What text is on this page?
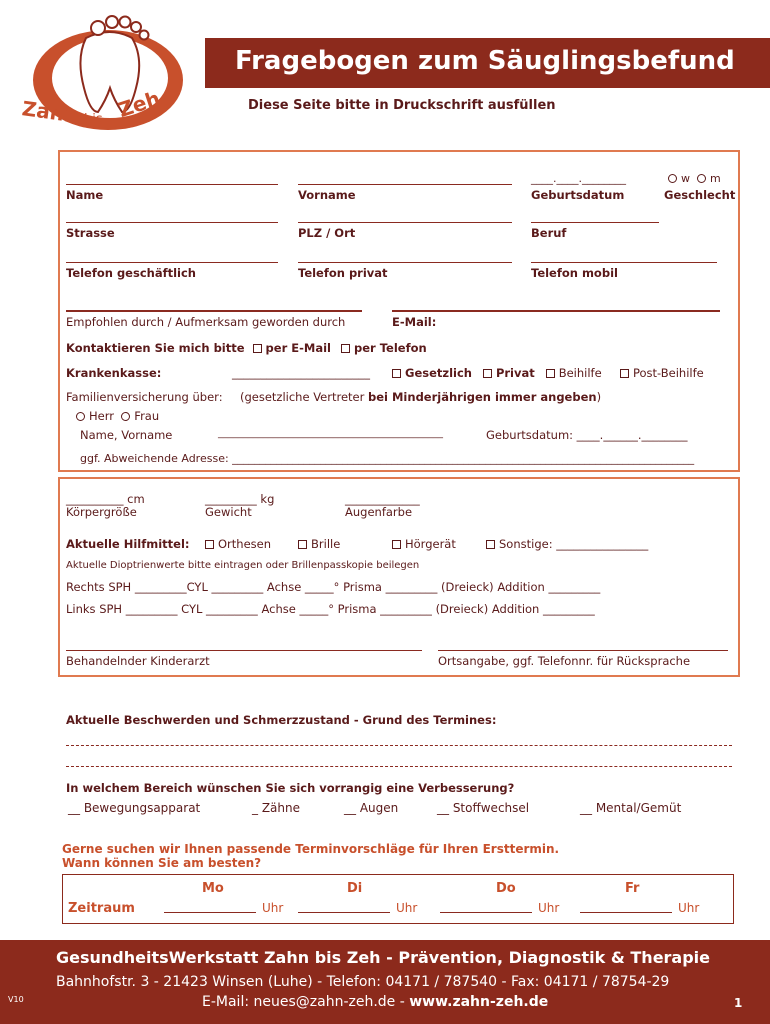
Zahn bis Zeh
Fragebogen zum Säuglingsbefund
Diese Seite bitte in Druckschrift ausfüllen
____.____.________	w m
Name	Vorname	Geburtsdatum	Geschlecht
Strasse	PLZ / Ort	Beruf
Telefon geschäftlich	Telefon privat	Telefon mobil
Empfohlen durch / Aufmerksam geworden durch	E-Mail:
Kontaktieren Sie mich bitte per E-Mail per Telefon
Krankenkasse:	________________________	Gesetzlich Privat Beihilfe	Post-Beihilfe
Familienversicherung über: (gesetzliche Vertreter bei Minderjährigen immer angeben)
Herr Frau
Name, Vorname	_____________________________________________	Geburtsdatum: ____.______.________
ggf. Abweichende Adresse: ____________________________________________________________________________________
__________ cm	_________ kg	_____________
Körpergröße	Gewicht	Augenfarbe
Aktuelle Hilfmittel:	Orthesen	Brille	Hörgerät	Sonstige: ________________
Aktuelle Dioptrienwerte bitte eintragen oder Brillenpasskopie beilegen
Rechts SPH _________CYL _________ Achse _____° Prisma _________ (Dreieck) Addition _________
Links SPH _________ CYL _________ Achse _____° Prisma _________ (Dreieck) Addition _________
Behandelnder Kinderarzt	Ortsangabe, ggf. Telefonnr. für Rücksprache
Aktuelle Beschwerden und Schmerzzustand - Grund des Termines:
In welchem Bereich wünschen Sie sich vorrangig eine Verbesserung?
__ Bewegungsapparat	_ Zähne	__ Augen	__ Stoffwechsel	__ Mental/Gemüt
Gerne suchen wir Ihnen passende Terminvorschläge für Ihren Ersttermin.
Wann können Sie am besten?
Mo	Di	Do	Fr
Zeitraum	Uhr	Uhr	Uhr	Uhr
GesundheitsWerkstatt Zahn bis Zeh - Prävention, Diagnostik & Therapie
Bahnhofstr. 3 - 21423 Winsen (Luhe) - Telefon: 04171 / 787540 - Fax: 04171 / 78754-29
E-Mail: neues@zahn-zeh.de - www.zahn-zeh.de
V10	1
